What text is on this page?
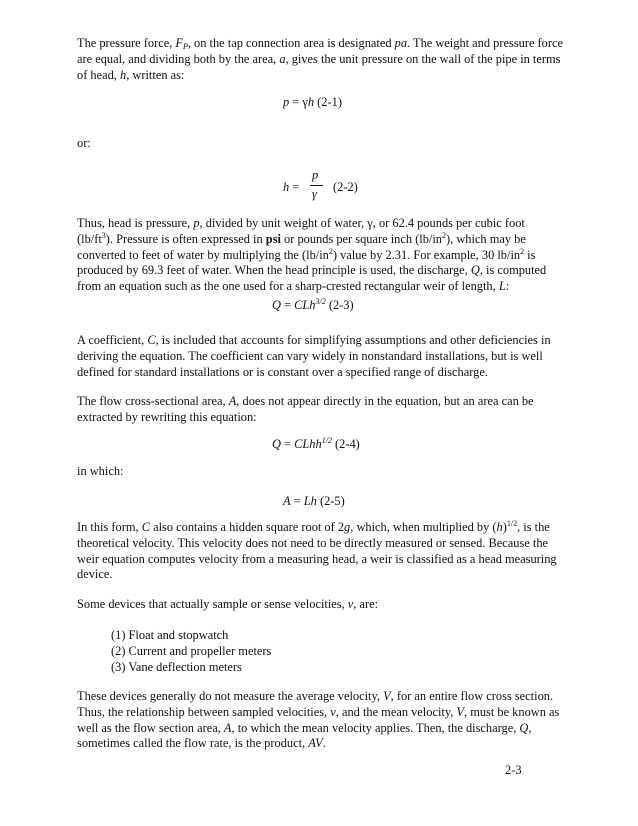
The pressure force, $F_P$, on the tap connection area is designated pa. The weight and pressure force are equal, and dividing both by the area, a, gives the unit pressure on the wall of the pipe in terms of head, h, written as:

p = γh (2-1)
or:
h =
p
γ (2-2)

Thus, head is pressure, p, divided by unit weight of water, γ, or 62.4 pounds per cubic foot $(lb/ft^3)$. Pressure is often expressed in psi or pounds per square inch $(lb/in^2)$, which may be converted to feet of water by multiplying the $(lb/in^2)$ value by 2.31. For example, 30 $lb/in^2$ is produced by 69.3 feet of water. When the head principle is used, the discharge, Q, is computed from an equation such as the one used for a sharp-crested rectangular weir of length, L:

Q = CLh$^{3/2}$ (2-3)

A coefficient, C, is included that accounts for simplifying assumptions and other deficiencies in deriving the equation. The coefficient can vary widely in nonstandard installations, but is well defined for standard installations or is constant over a specified range of discharge.

The flow cross-sectional area, A, does not appear directly in the equation, but an area can be extracted by rewriting this equation:

Q = CLhh$^{1/2}$ (2-4)
in which:
A = Lh (2-5)

In this form, C also contains a hidden square root of 2g, which, when multiplied by $(h)^{1/2}$, is the theoretical velocity. This velocity does not need to be directly measured or sensed. Because the weir equation computes velocity from a measuring head, a weir is classified as a head measuring device.

Some devices that actually sample or sense velocities, v, are:

(1) Float and stopwatch
(2) Current and propeller meters
(3) Vane deflection meters

These devices generally do not measure the average velocity, V, for an entire flow cross section. Thus, the relationship between sampled velocities, v, and the mean velocity, V, must be known as well as the flow section area, A, to which the mean velocity applies. Then, the discharge, Q, sometimes called the flow rate, is the product, AV.

2-3
